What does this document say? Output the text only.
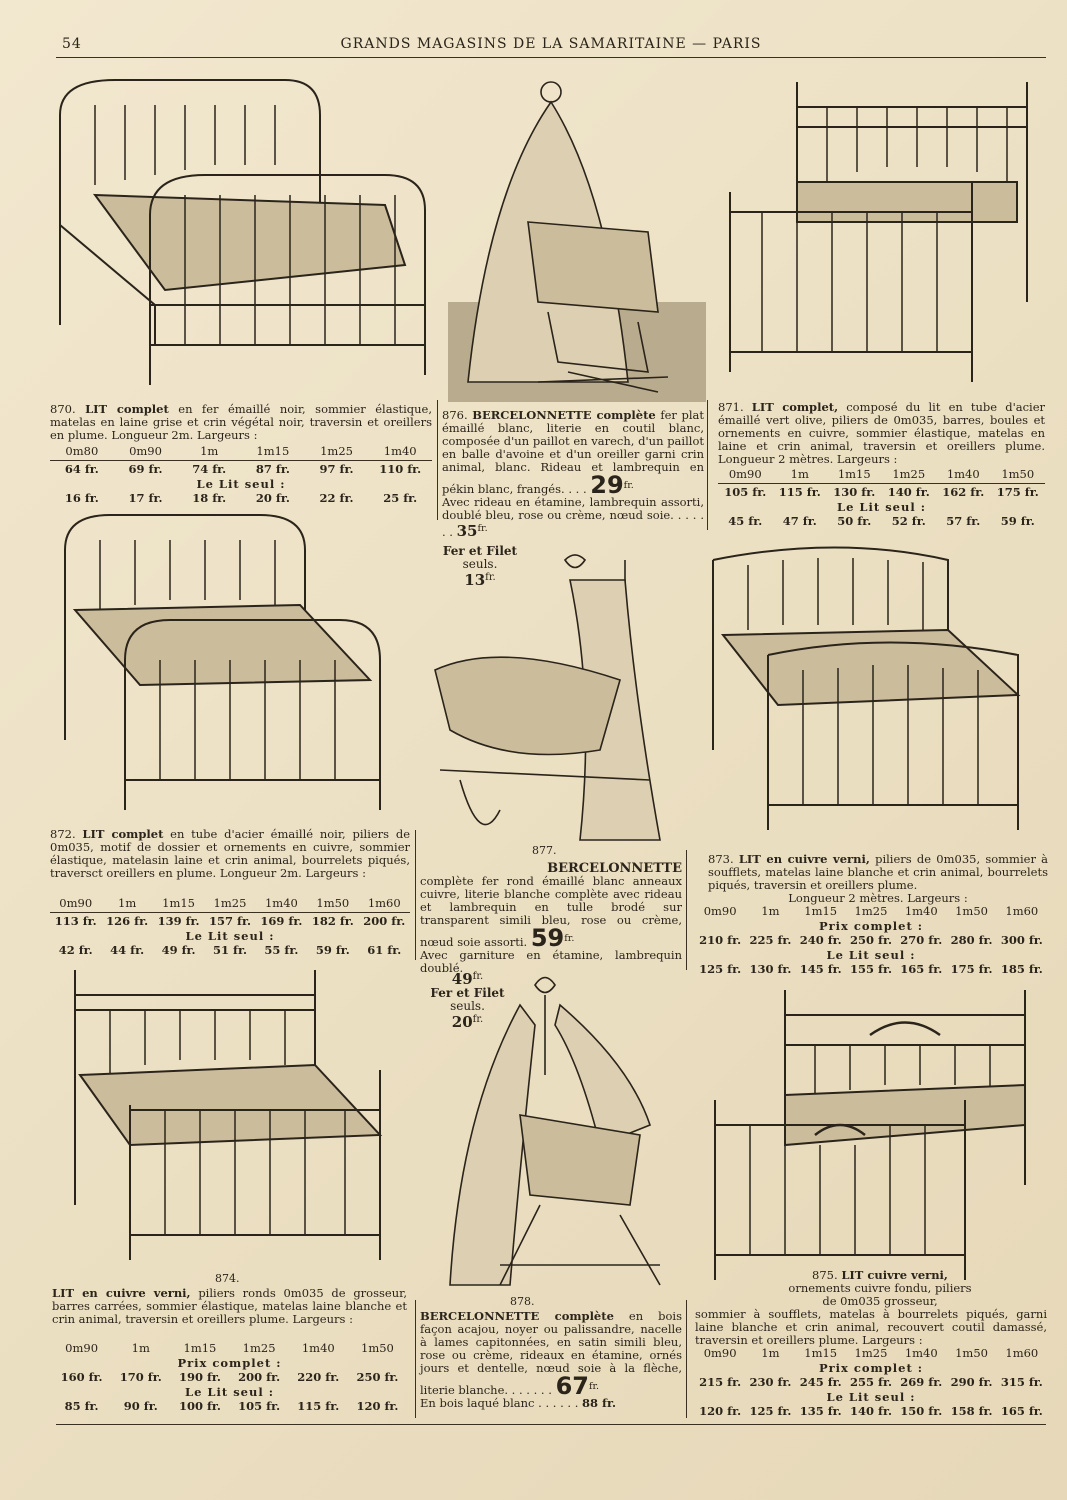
54	GRANDS MAGASINS DE LA SAMARITAINE — PARIS
870. LIT complet en fer émaillé noir, sommier élastique, matelas en laine grise et crin végétal noir, traversin et oreillers en plume. Longueur 2m. Largeurs :
0m80	0m90	1m	1m15	1m25	1m40
64 fr.	69 fr.	74 fr.	87 fr.	97 fr.	110 fr.
Le Lit seul :
16 fr.	17 fr.	18 fr.	20 fr.	22 fr.	25 fr.
876. BERCELONNETTE complète fer plat émaillé blanc, literie en coutil blanc, composée d'un paillot en varech, d'un paillot en balle d'avoine et d'un oreiller garni crin animal, blanc. Rideau et lambrequin en pékin blanc, frangés. . . . $29^{fr.}$
Avec rideau en étamine, lambrequin assorti, doublé bleu, rose ou crème, nœud soie. . . . . . . $35^{fr.}$
Fer et Filet
seuls.
$13^{fr.}$
871. LIT complet, composé du lit en tube d'acier émaillé vert olive, piliers de 0m035, barres, boules et ornements en cuivre, sommier élastique, matelas en laine et crin animal, traversin et oreillers plume. Longueur 2 mètres. Largeurs :
0m90	1m	1m15	1m25	1m40	1m50
105 fr.	115 fr.	130 fr.	140 fr.	162 fr.	175 fr.
Le Lit seul :
45 fr.	47 fr.	50 fr.	52 fr.	57 fr.	59 fr.
872. LIT complet en tube d'acier émaillé noir, piliers de 0m035, motif de dossier et ornements en cuivre, sommier élastique, matelasin laine et crin animal, bourrelets piqués, traversct oreillers en plume. Longueur 2m. Largeurs :
0m90	1m	1m15	1m25	1m40	1m50	1m60
113 fr. 126 fr. 139 fr. 157 fr. 169 fr. 182 fr. 200 fr.
Le Lit seul :
42 fr.	44 fr.	49 fr.	51 fr.	55 fr.	59 fr.	61 fr.
877.
BERCELONNETTE
complète fer rond émaillé blanc anneaux cuivre, literie blanche complète avec rideau et lambrequin en tulle brodé sur transparent simili bleu, rose ou crème, nœud soie assorti. $59^{fr.}$
Avec garniture en étamine, lambrequin doublé.
$49^{fr.}$
Fer et Filet
seuls.
$20^{fr.}$
873. LIT en cuivre verni, piliers de 0m035, sommier à soufflets, matelas laine blanche et crin animal, bourrelets piqués, traversin et oreillers plume.
Longueur 2 mètres. Largeurs :
0m90	1m	1m15	1m25	1m40	1m50	1m60
Prix complet :
210 fr. 225 fr. 240 fr. 250 fr. 270 fr. 280 fr. 300 fr.
Le Lit seul :
125 fr. 130 fr. 145 fr. 155 fr. 165 fr. 175 fr. 185 fr.
874.
LIT en cuivre verni, piliers ronds 0m035 de grosseur, barres carrées, sommier élastique, matelas laine blanche et crin animal, traversin et oreillers plume. Largeurs :
0m90	1m	1m15	1m25	1m40	1m50
Prix complet :
160 fr.	170 fr.	190 fr.	200 fr.	220 fr.	250 fr.
Le Lit seul :
85 fr.	90 fr.	100 fr.	105 fr.	115 fr.	120 fr.
878.
BERCELONNETTE complète en bois façon acajou, noyer ou palissandre, nacelle à lames capitonnées, en satin simili bleu, rose ou crème, rideaux en étamine, ornés jours et dentelle, nœud soie à la flèche, literie blanche. . . . . . . $67^{fr.}$
En bois laqué blanc . . . . . . 88 fr.
875. LIT cuivre verni, ornements cuivre fondu, piliers de 0m035 grosseur,
sommier à soufflets, matelas à bourrelets piqués, garni laine blanche et crin animal, recouvert coutil damassé, traversin et oreillers plume. Largeurs :
0m90	1m	1m15	1m25	1m40	1m50	1m60
Prix complet :
215 fr. 230 fr. 245 fr. 255 fr. 269 fr. 290 fr. 315 fr.
Le Lit seul :
120 fr. 125 fr. 135 fr. 140 fr. 150 fr. 158 fr. 165 fr.
